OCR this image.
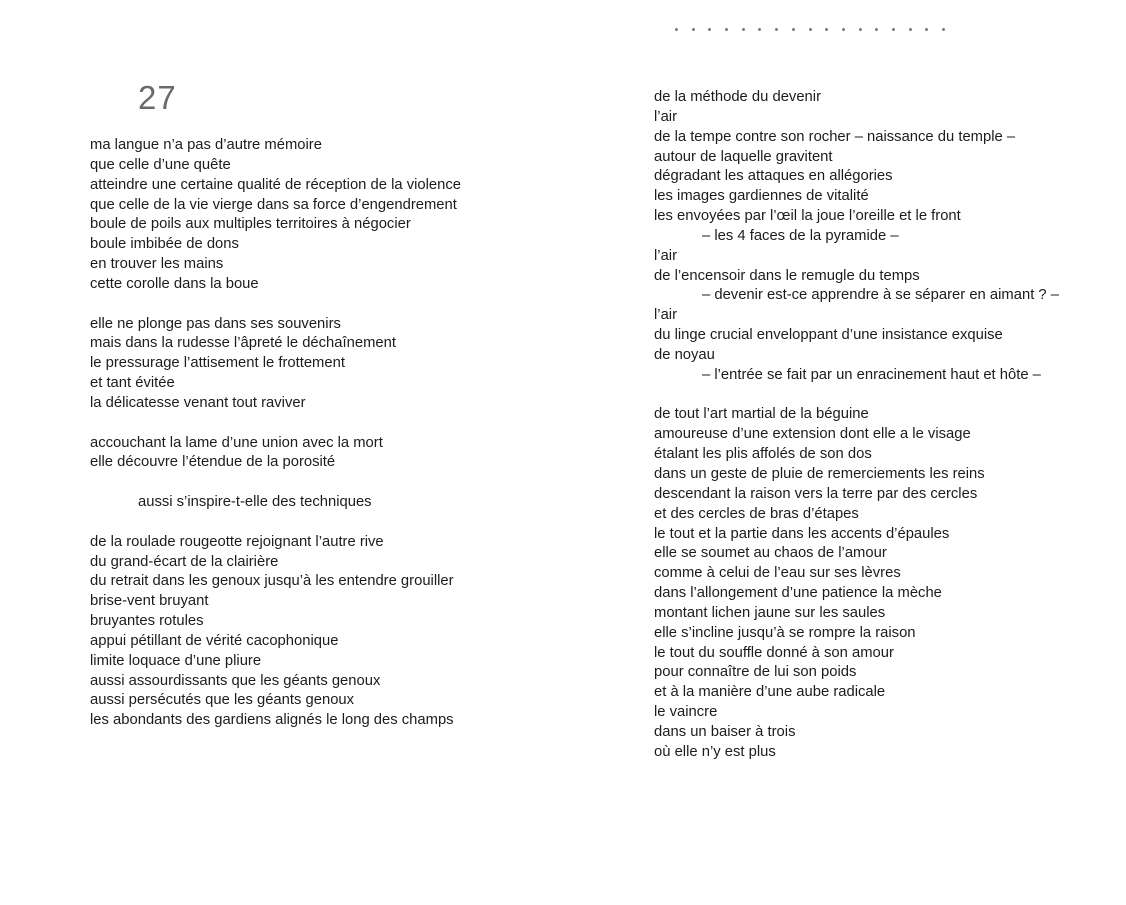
27
ma langue n’a pas d’autre mémoire
que celle d’une quête
atteindre une certaine qualité de réception de la violence
que celle de la vie vierge dans sa force d’engendrement
boule de poils aux multiples territoires à négocier
boule imbibée de dons
en trouver les mains
cette corolle dans la boue
elle ne plonge pas dans ses souvenirs
mais dans la rudesse l’âpreté le déchaînement
le pressurage l’attisement le frottement
et tant évitée
la délicatesse venant tout raviver
accouchant la lame d’une union avec la mort
elle découvre l’étendue de la porosité
aussi s’inspire-t-elle des techniques
de la roulade rougeotte rejoignant l’autre rive
du grand-écart de la clairière
du retrait dans les genoux jusqu’à les entendre grouiller
brise-vent bruyant
bruyantes rotules
appui pétillant de vérité cacophonique
limite loquace d’une pliure
aussi assourdissants que les géants genoux
aussi persécutés que les géants genoux
les abondants des gardiens alignés le long des champs
de la méthode du devenir
l’air
de la tempe contre son rocher – naissance du temple –
autour de laquelle gravitent
dégradant les attaques en allégories
les images gardiennes de vitalité
les envoyées par l’œil la joue l’oreille et le front
– les 4 faces de la pyramide –
l’air
de l’encensoir dans le remugle du temps
– devenir est-ce apprendre à se séparer en aimant ? –
l’air
du linge crucial enveloppant d’une insistance exquise
de noyau
– l’entrée se fait par un enracinement haut et hôte –
de tout l’art martial de la béguine
amoureuse d’une extension dont elle a le visage
étalant les plis affolés de son dos
dans un geste de pluie de remerciements les reins
descendant la raison vers la terre par des cercles
et des cercles de bras d’étapes
le tout et la partie dans les accents d’épaules
elle se soumet au chaos de l’amour
comme à celui de l’eau sur ses lèvres
dans l’allongement d’une patience la mèche
montant lichen jaune sur les saules
elle s’incline jusqu’à se rompre la raison
le tout du souffle donné à son amour
pour connaître de lui son poids
et à la manière d’une aube radicale
le vaincre
dans un baiser à trois
où elle n’y est plus
